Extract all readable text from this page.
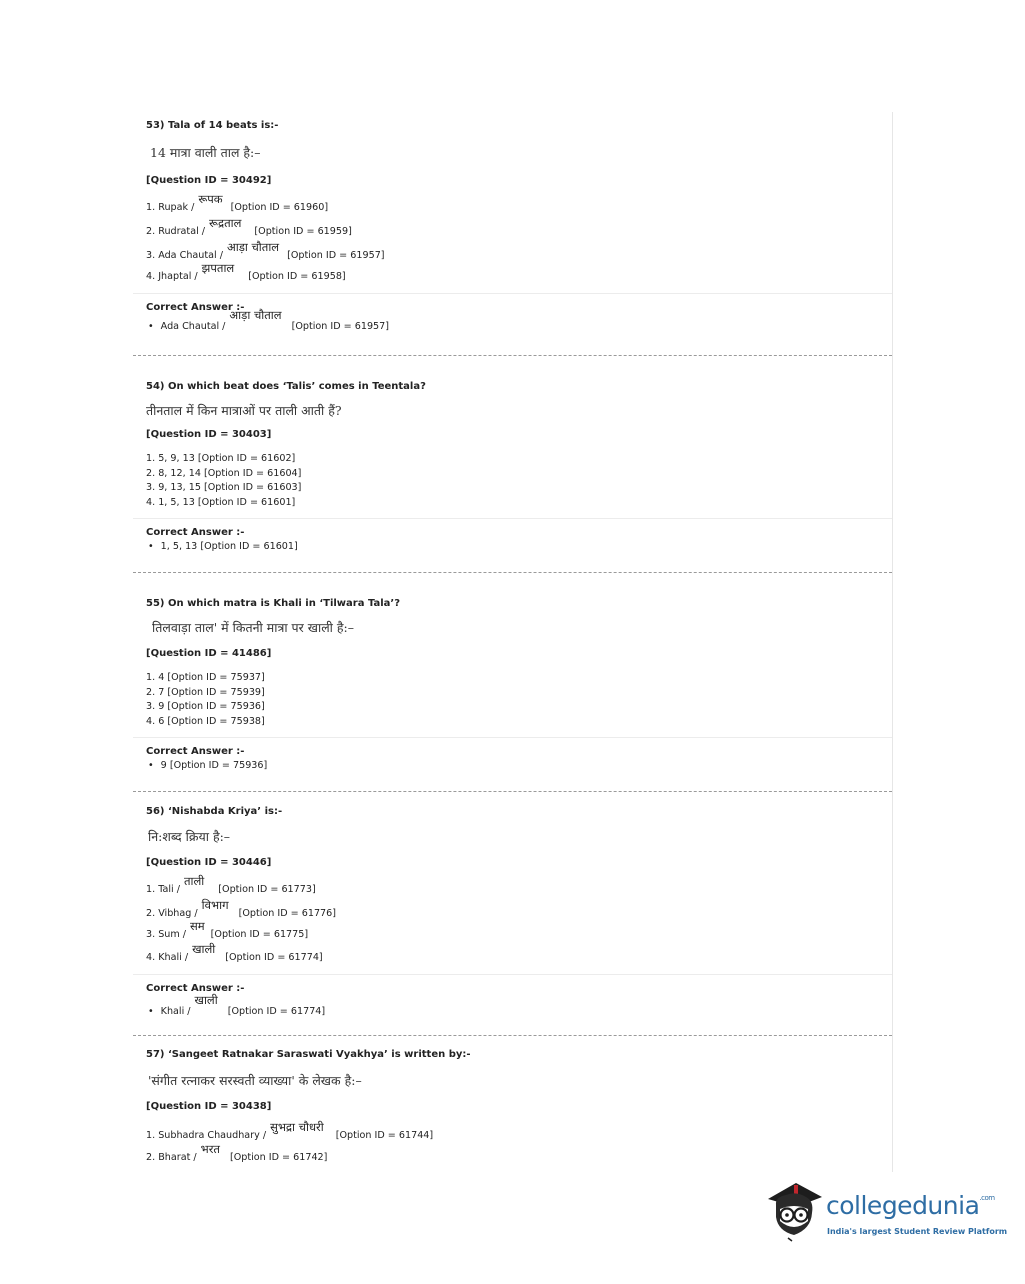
53) Tala of 14 beats is:-

14 मात्रा वाली ताल है:–
[Question ID = 30492]
1. Rupak /
रूपक
[Option ID = 61960]
2. Rudratal /
रूद्रताल
[Option ID = 61959]
3. Ada Chautal /
आड़ा चौताल
[Option ID = 61957]
4. Jhaptal /
झपताल
[Option ID = 61958]
Correct Answer :-
• Ada Chautal /
आड़ा चौताल
[Option ID = 61957]

54) On which beat does ‘Talis’ comes in Teentala?

तीनताल में किन मात्राओं पर ताली आती हैं?
[Question ID = 30403]
1. 5, 9, 13 [Option ID = 61602]
2. 8, 12, 14 [Option ID = 61604]
3. 9, 13, 15 [Option ID = 61603]
4. 1, 5, 13 [Option ID = 61601]
Correct Answer :-
• 1, 5, 13 [Option ID = 61601]

55) On which matra is Khali in ‘Tilwara Tala’?

तिलवाड़ा ताल' में कितनी मात्रा पर खाली है:–
[Question ID = 41486]
1. 4 [Option ID = 75937]
2. 7 [Option ID = 75939]
3. 9 [Option ID = 75936]
4. 6 [Option ID = 75938]
Correct Answer :-
• 9 [Option ID = 75936]

56) ‘Nishabda Kriya’ is:-

नि:शब्द क्रिया है:–
[Question ID = 30446]
1. Tali /
ताली
[Option ID = 61773]
2. Vibhag /
विभाग
[Option ID = 61776]
3. Sum /
सम
[Option ID = 61775]
4. Khali /
खाली
[Option ID = 61774]
Correct Answer :-
• Khali /
खाली
[Option ID = 61774]

57) ‘Sangeet Ratnakar Saraswati Vyakhya’ is written by:-

'संगीत रत्नाकर सरस्वती व्याख्या' के लेखक है:–
[Question ID = 30438]
1. Subhadra Chaudhary /
सुभद्रा चौधरी
[Option ID = 61744]
2. Bharat /
भरत
[Option ID = 61742]
collegedunia$^{.com}$
India's largest Student Review Platform
